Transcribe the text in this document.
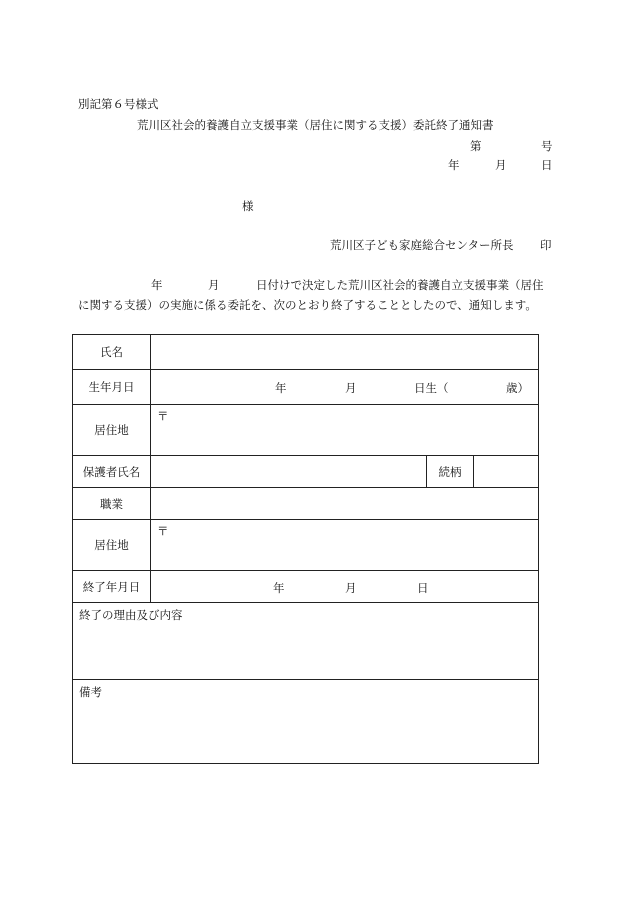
別記第６号様式
荒川区社会的養護自立支援事業（居住に関する支援）委託終了通知書
第	号
年	月	日
様
荒川区子ども家庭総合センター所長 印
年	月	日付けで決定した荒川区社会的養護自立支援事業（居住
に関する支援）の実施に係る委託を、次のとおり終了することとしたので、通知します。
氏名			
生年月日	年 月 日生（ 歳）		

居住地	〒		

保護者氏名		続柄	
職業			
居住地	〒		

終了年月日	年 月 日		

終了の理由及び内容			
備考			
